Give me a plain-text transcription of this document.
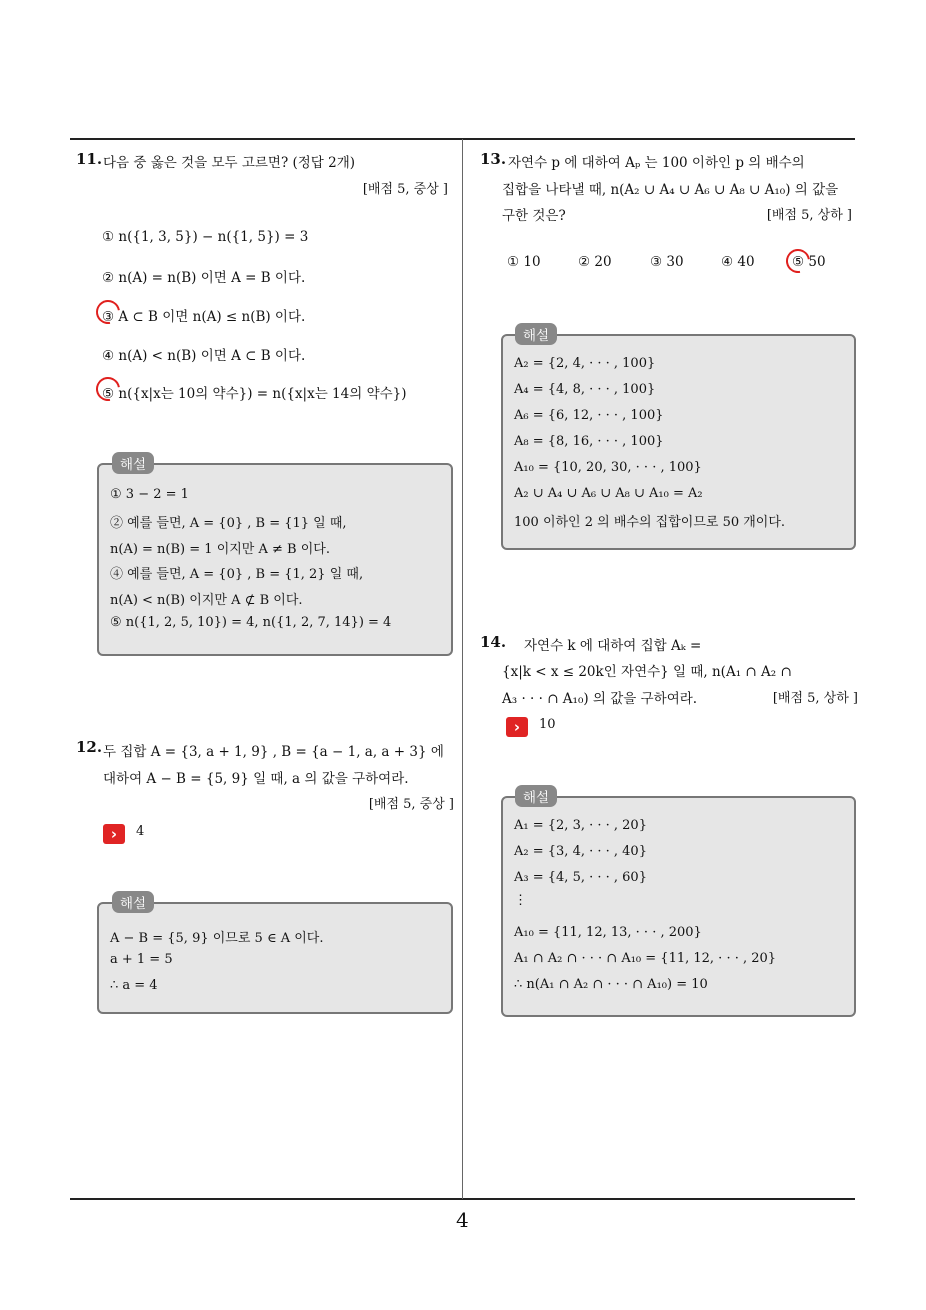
11. 다음 중 옳은 것을 모두 고르면? (정답 2개)
[배점 5, 중상 ]
① n({1, 3, 5}) − n({1, 5}) = 3
② n(A) = n(B) 이면 A = B 이다.
③ A ⊂ B 이면 n(A) ≤ n(B) 이다.
④ n(A) < n(B) 이면 A ⊂ B 이다.
⑤ n({x|x는 10의 약수}) = n({x|x는 14의 약수})
해설
① 3 − 2 = 1
② 예를 들면, A = {0} , B = {1} 일 때,
n(A) = n(B) = 1 이지만 A ≠ B 이다.
④ 예를 들면, A = {0} , B = {1, 2} 일 때,
n(A) < n(B) 이지만 A ⊄ B 이다.
⑤ n({1, 2, 5, 10}) = 4, n({1, 2, 7, 14}) = 4
12. 두 집합 A = {3, a + 1, 9} , B = {a − 1, a, a + 3} 에
대하여 A − B = {5, 9} 일 때, a 의 값을 구하여라.
[배점 5, 중상 ]
›	4
해설
A − B = {5, 9} 이므로 5 ∈ A 이다.
a + 1 = 5
∴ a = 4
13. 자연수 p 에 대하여 Aₚ 는 100 이하인 p 의 배수의
집합을 나타낼 때, n(A₂ ∪ A₄ ∪ A₆ ∪ A₈ ∪ A₁₀) 의 값을
구한 것은?	[배점 5, 상하 ]
① 10	② 20	③ 30	④ 40	⑤ 50
해설
A₂ = {2, 4, · · · , 100}
A₄ = {4, 8, · · · , 100}
A₆ = {6, 12, · · · , 100}
A₈ = {8, 16, · · · , 100}
A₁₀ = {10, 20, 30, · · · , 100}
A₂ ∪ A₄ ∪ A₆ ∪ A₈ ∪ A₁₀ = A₂
100 이하인 2 의 배수의 집합이므로 50 개이다.
14. 자연수 k 에 대하여 집합 Aₖ =
{x|k < x ≤ 20k인 자연수} 일 때, n(A₁ ∩ A₂ ∩
A₃ · · · ∩ A₁₀) 의 값을 구하여라.	[배점 5, 상하 ]
›	10
해설
A₁ = {2, 3, · · · , 20}
A₂ = {3, 4, · · · , 40}
A₃ = {4, 5, · · · , 60}
⋮
A₁₀ = {11, 12, 13, · · · , 200}
A₁ ∩ A₂ ∩ · · · ∩ A₁₀ = {11, 12, · · · , 20}
∴ n(A₁ ∩ A₂ ∩ · · · ∩ A₁₀) = 10
4
